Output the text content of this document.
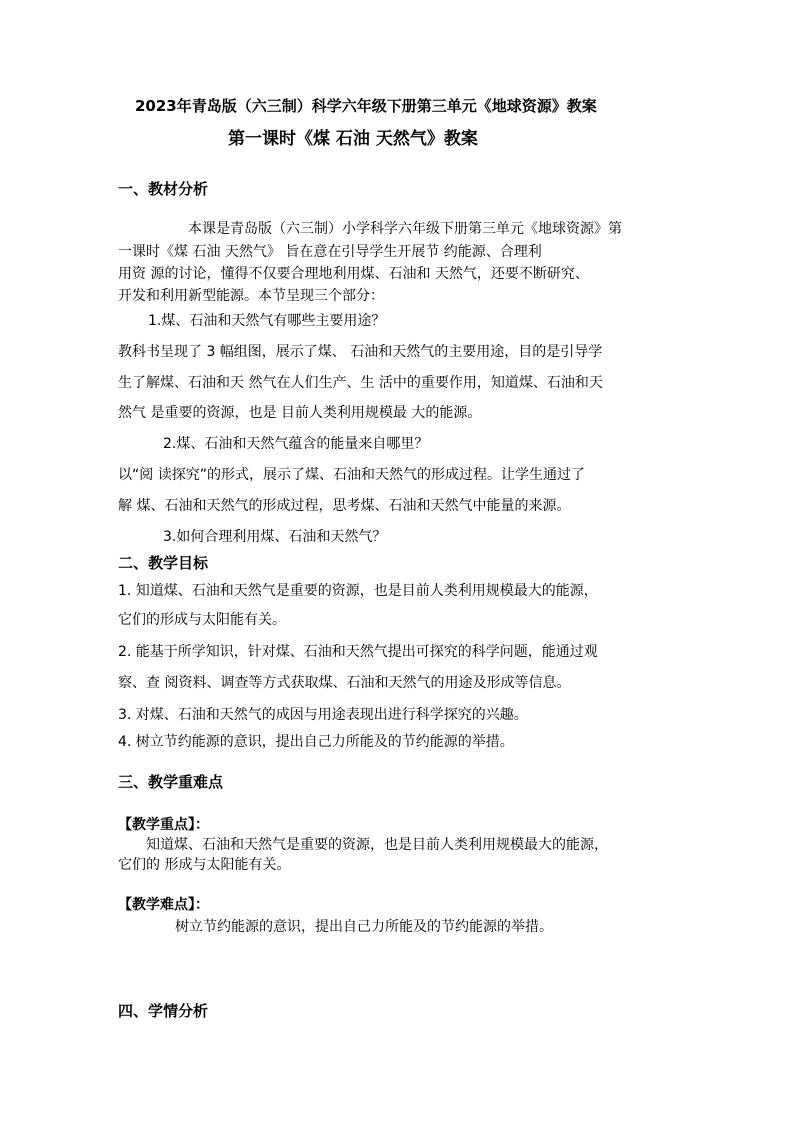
2023年青岛版（六三制）科学六年级下册第三单元《地球资源》教案
第一课时《煤 石油 天然气》教案
一、教材分析
本课是青岛版（六三制）小学科学六年级下册第三单元《地球资源》第
一课时《煤 石油 天然气》 旨在意在引导学生开展节 约能源、合理利
用资 源的讨论，懂得不仅要合理地利用煤、石油和 天然气，还要不断研究、
开发和利用新型能源。本节呈现三个部分：
1.煤、石油和天然气有哪些主要用途？
教科书呈现了 3 幅组图，展示了煤、 石油和天然气的主要用途，目的是引导学
生了解煤、石油和天 然气在人们生产、生 活中的重要作用，知道煤、石油和天
然气 是重要的资源，也是 目前人类利用规模最 大的能源。
2.煤、石油和天然气蕴含的能量来自哪里？
以“阅 读探究”的形式，展示了煤、石油和天然气的形成过程。让学生通过了
解 煤、石油和天然气的形成过程，思考煤、石油和天然气中能量的来源。
3.如何合理利用煤、石油和天然气？
二、教学目标
1. 知道煤、石油和天然气是重要的资源，也是目前人类利用规模最大的能源，
它们的形成与太阳能有关。
2. 能基于所学知识，针对煤、石油和天然气提出可探究的科学问题，能通过观
察、查 阅资料、调查等方式获取煤、石油和天然气的用途及形成等信息。
3. 对煤、石油和天然气的成因与用途表现出进行科学探究的兴趣。
4. 树立节约能源的意识，提出自己力所能及的节约能源的举措。
三、教学重难点
【教学重点】：
知道煤、石油和天然气是重要的资源，也是目前人类利用规模最大的能源，
它们的 形成与太阳能有关。
【教学难点】：
树立节约能源的意识，提出自己力所能及的节约能源的举措。
四、学情分析
